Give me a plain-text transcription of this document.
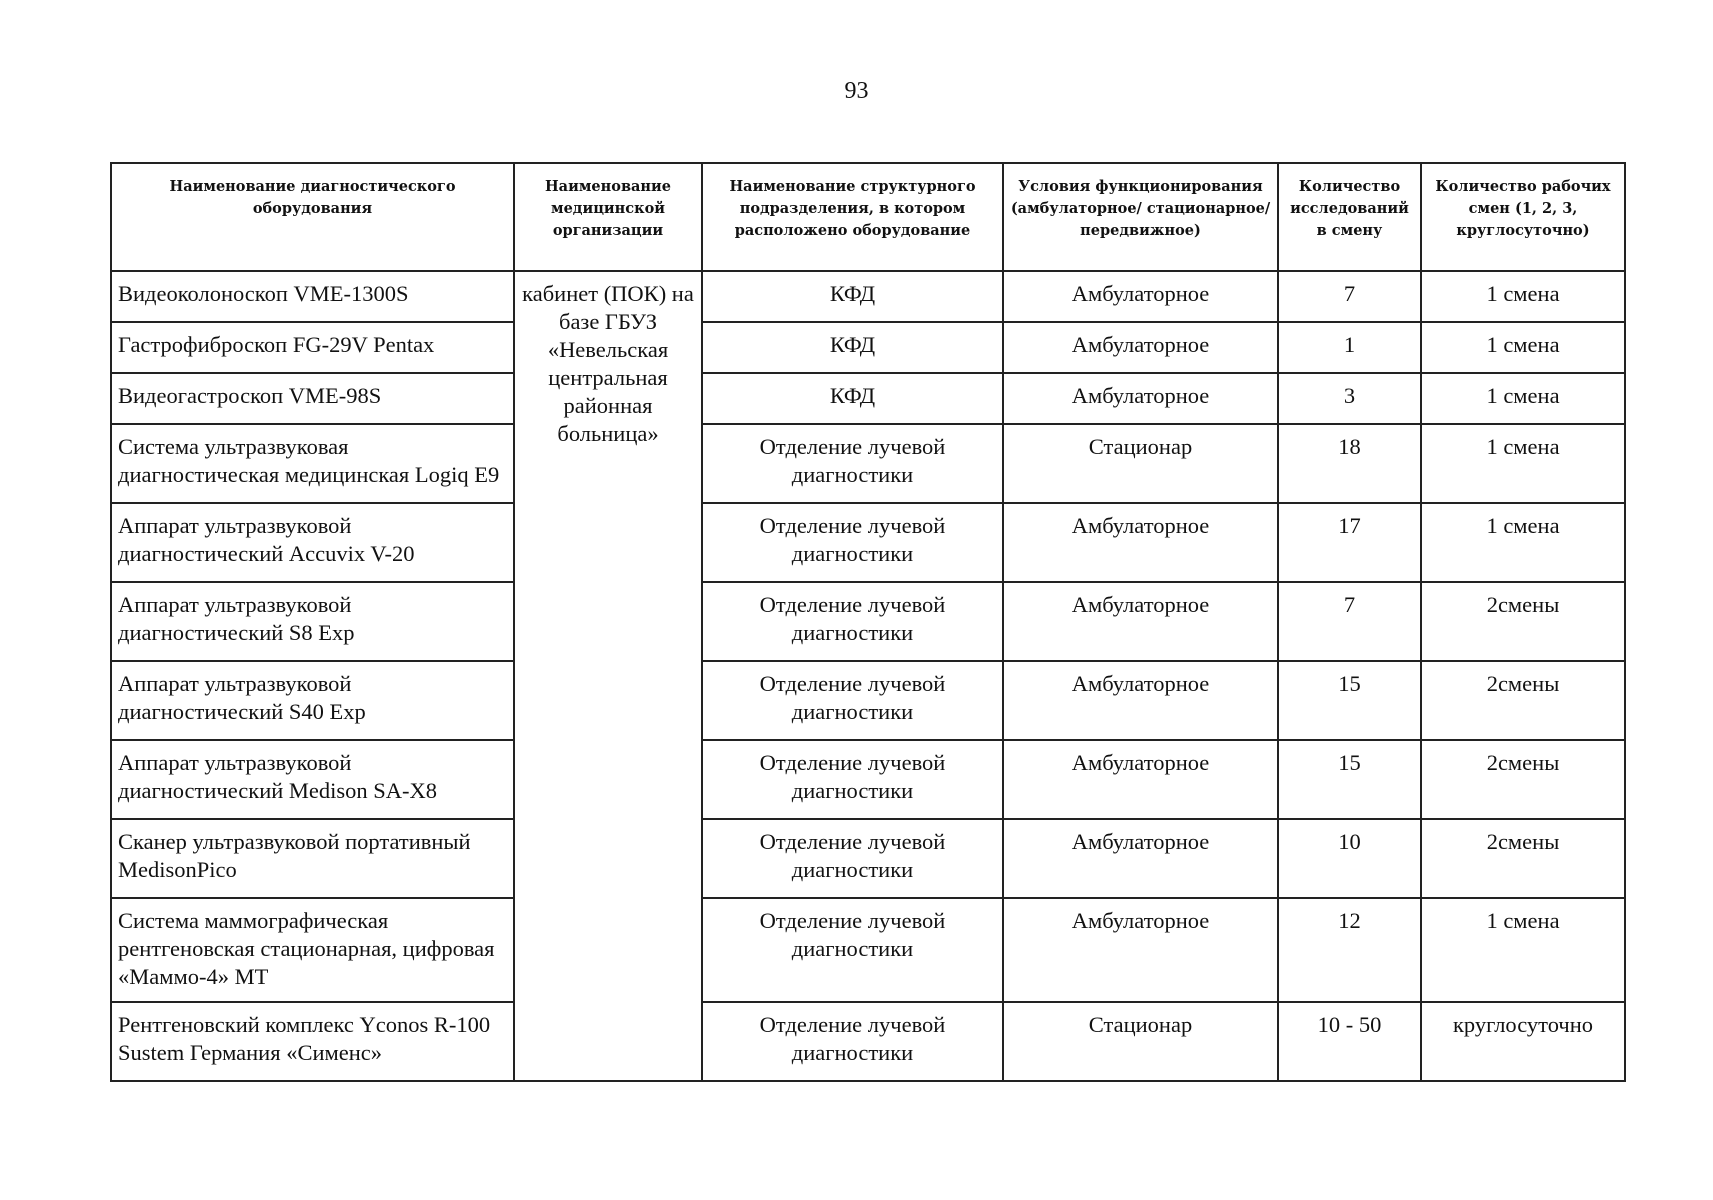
93
Наименование диагностического оборудования	Наименование медицинской организации	Наименование структурного подразделения, в котором расположено оборудование	Условия функционирования (амбулаторное/ стационарное/передвижное)	Количество исследований в смену	Количество рабочих смен (1, 2, 3, круглосуточно)
Видеоколоноскоп VME-1300S	кабинет (ПОК) на базе ГБУЗ «Невельская центральная районная больница»	КФД	Амбулаторное	7	1 смена
Гастрофиброскоп FG-29V Pentax		КФД	Амбулаторное	1	1 смена
Видеогастроскоп VME-98S		КФД	Амбулаторное	3	1 смена
Система ультразвуковая диагностическая медицинская Logiq E9		Отделение лучевой диагностики	Стационар	18	1 смена
Аппарат ультразвуковой диагностический Accuvix V-20		Отделение лучевой диагностики	Амбулаторное	17	1 смена
Аппарат ультразвуковой диагностический S8 Exp		Отделение лучевой диагностики	Амбулаторное	7	2смены
Аппарат ультразвуковой диагностический S40 Exp		Отделение лучевой диагностики	Амбулаторное	15	2смены
Аппарат ультразвуковой диагностический Medison SA-X8		Отделение лучевой диагностики	Амбулаторное	15	2смены
Сканер ультразвуковой портативный MedisonPico		Отделение лучевой диагностики	Амбулаторное	10	2смены
Система маммографическая рентгеновская стационарная, цифровая «Маммо-4» МТ		Отделение лучевой диагностики	Амбулаторное	12	1 смена
Рентгеновский комплекс Yconos R-100 Sustem Германия «Сименс»		Отделение лучевой диагностики	Стационар	10 - 50	круглосуточно
